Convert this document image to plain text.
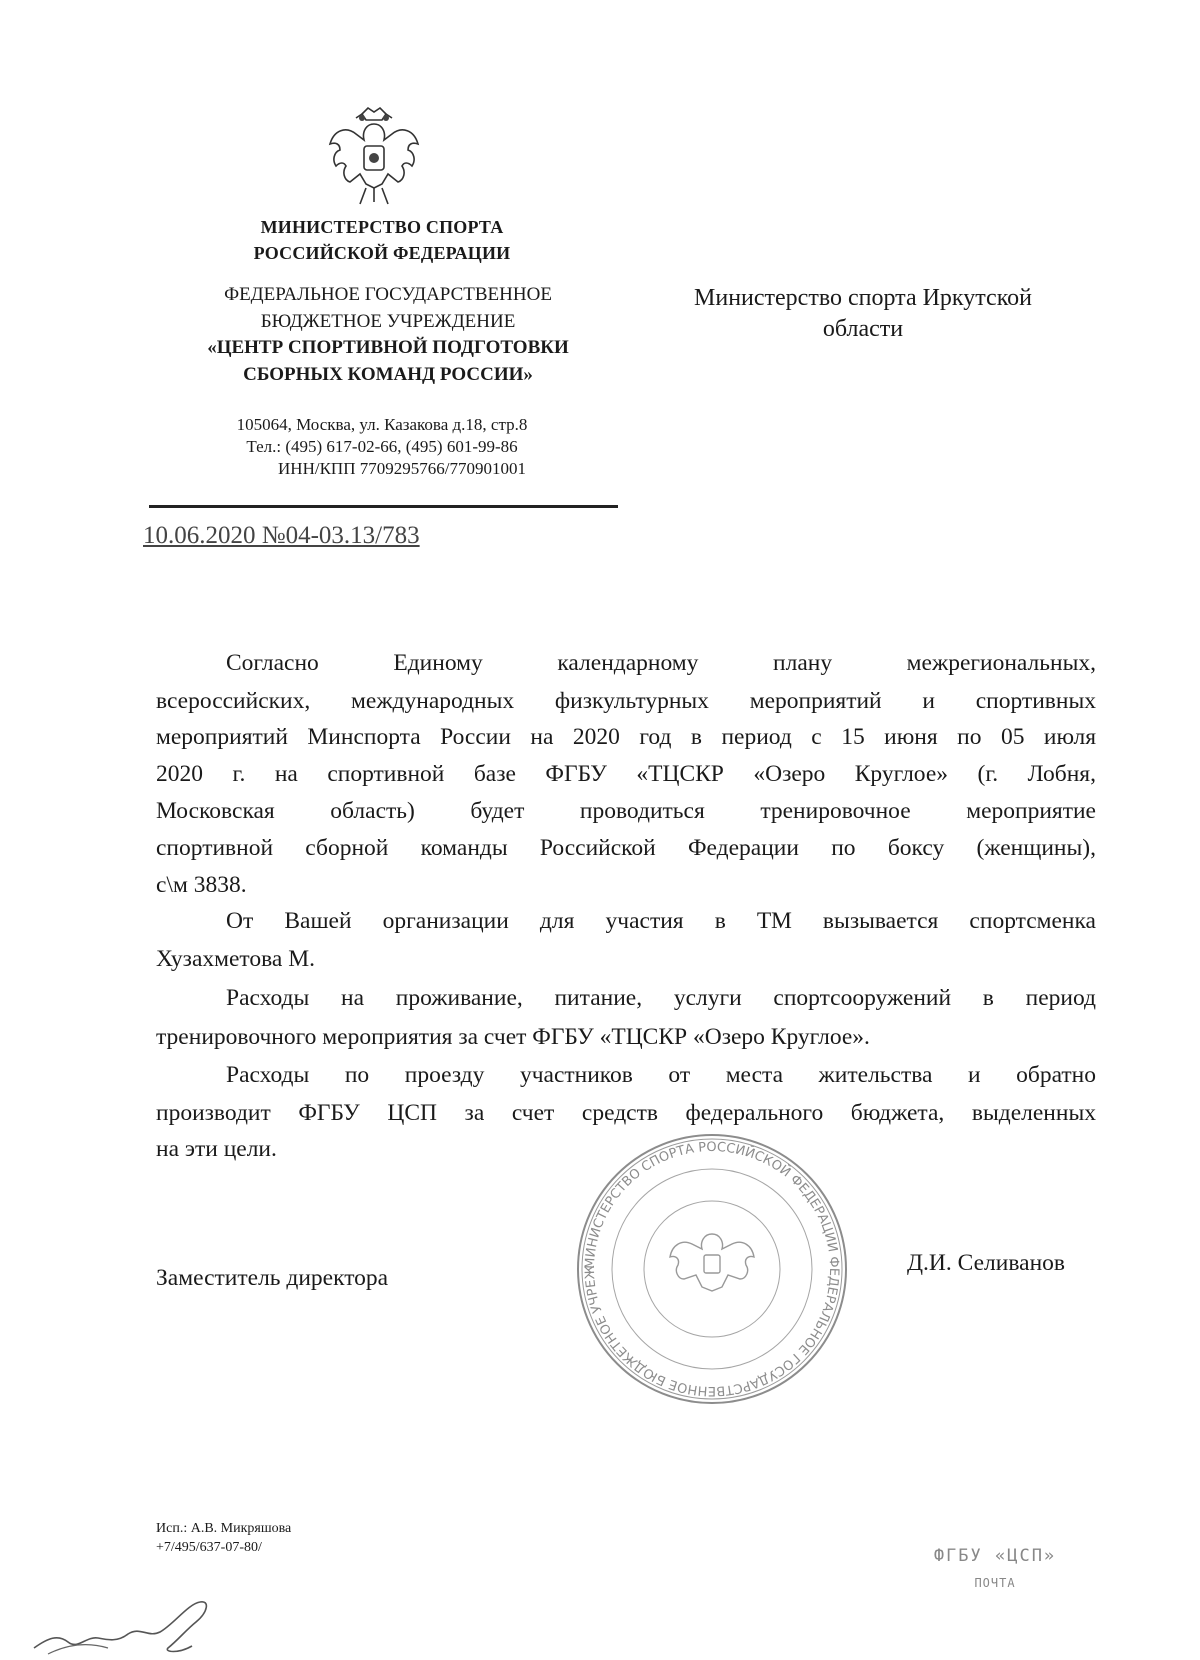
МИНИСТЕРСТВО СПОРТА
РОССИЙСКОЙ ФЕДЕРАЦИИ
ФЕДЕРАЛЬНОЕ ГОСУДАРСТВЕННОЕ
БЮДЖЕТНОЕ УЧРЕЖДЕНИЕ
«ЦЕНТР СПОРТИВНОЙ ПОДГОТОВКИ
СБОРНЫХ КОМАНД РОССИИ»
105064, Москва, ул. Казакова д.18, стр.8
Тел.: (495) 617-02-66, (495) 601-99-86
ИНН/КПП 7709295766/770901001
Министерство спорта Иркутской
области
10.06.2020 №04-03.13/783
Согласно Единому календарному плану межрегиональных,
всероссийских, международных физкультурных мероприятий и спортивных
мероприятий Минспорта России на 2020 год в период с 15 июня по 05 июля
2020 г. на спортивной базе ФГБУ «ТЦСКР «Озеро Круглое» (г. Лобня,
Московская область) будет проводиться тренировочное мероприятие
спортивной сборной команды Российской Федерации по боксу (женщины),
с\м 3838.
От Вашей организации для участия в ТМ вызывается спортсменка
Хузахметова М.
Расходы на проживание, питание, услуги спортсооружений в период
тренировочного мероприятия за счет ФГБУ «ТЦСКР «Озеро Круглое».
Расходы по проезду участников от места жительства и обратно
производит ФГБУ ЦСП за счет средств федерального бюджета, выделенных
на эти цели.
МИНИСТЕРСТВО СПОРТА РОССИЙСКОЙ ФЕДЕРАЦИИ ФЕДЕРАЛЬНОЕ ГОСУДАРСТВЕННОЕ БЮДЖЕТНОЕ УЧРЕЖ
Заместитель директора
Д.И. Селиванов
Исп.: А.В. Микряшова
+7/495/637-07-80/	ФГБУ «ЦСП»
ПОЧТА
